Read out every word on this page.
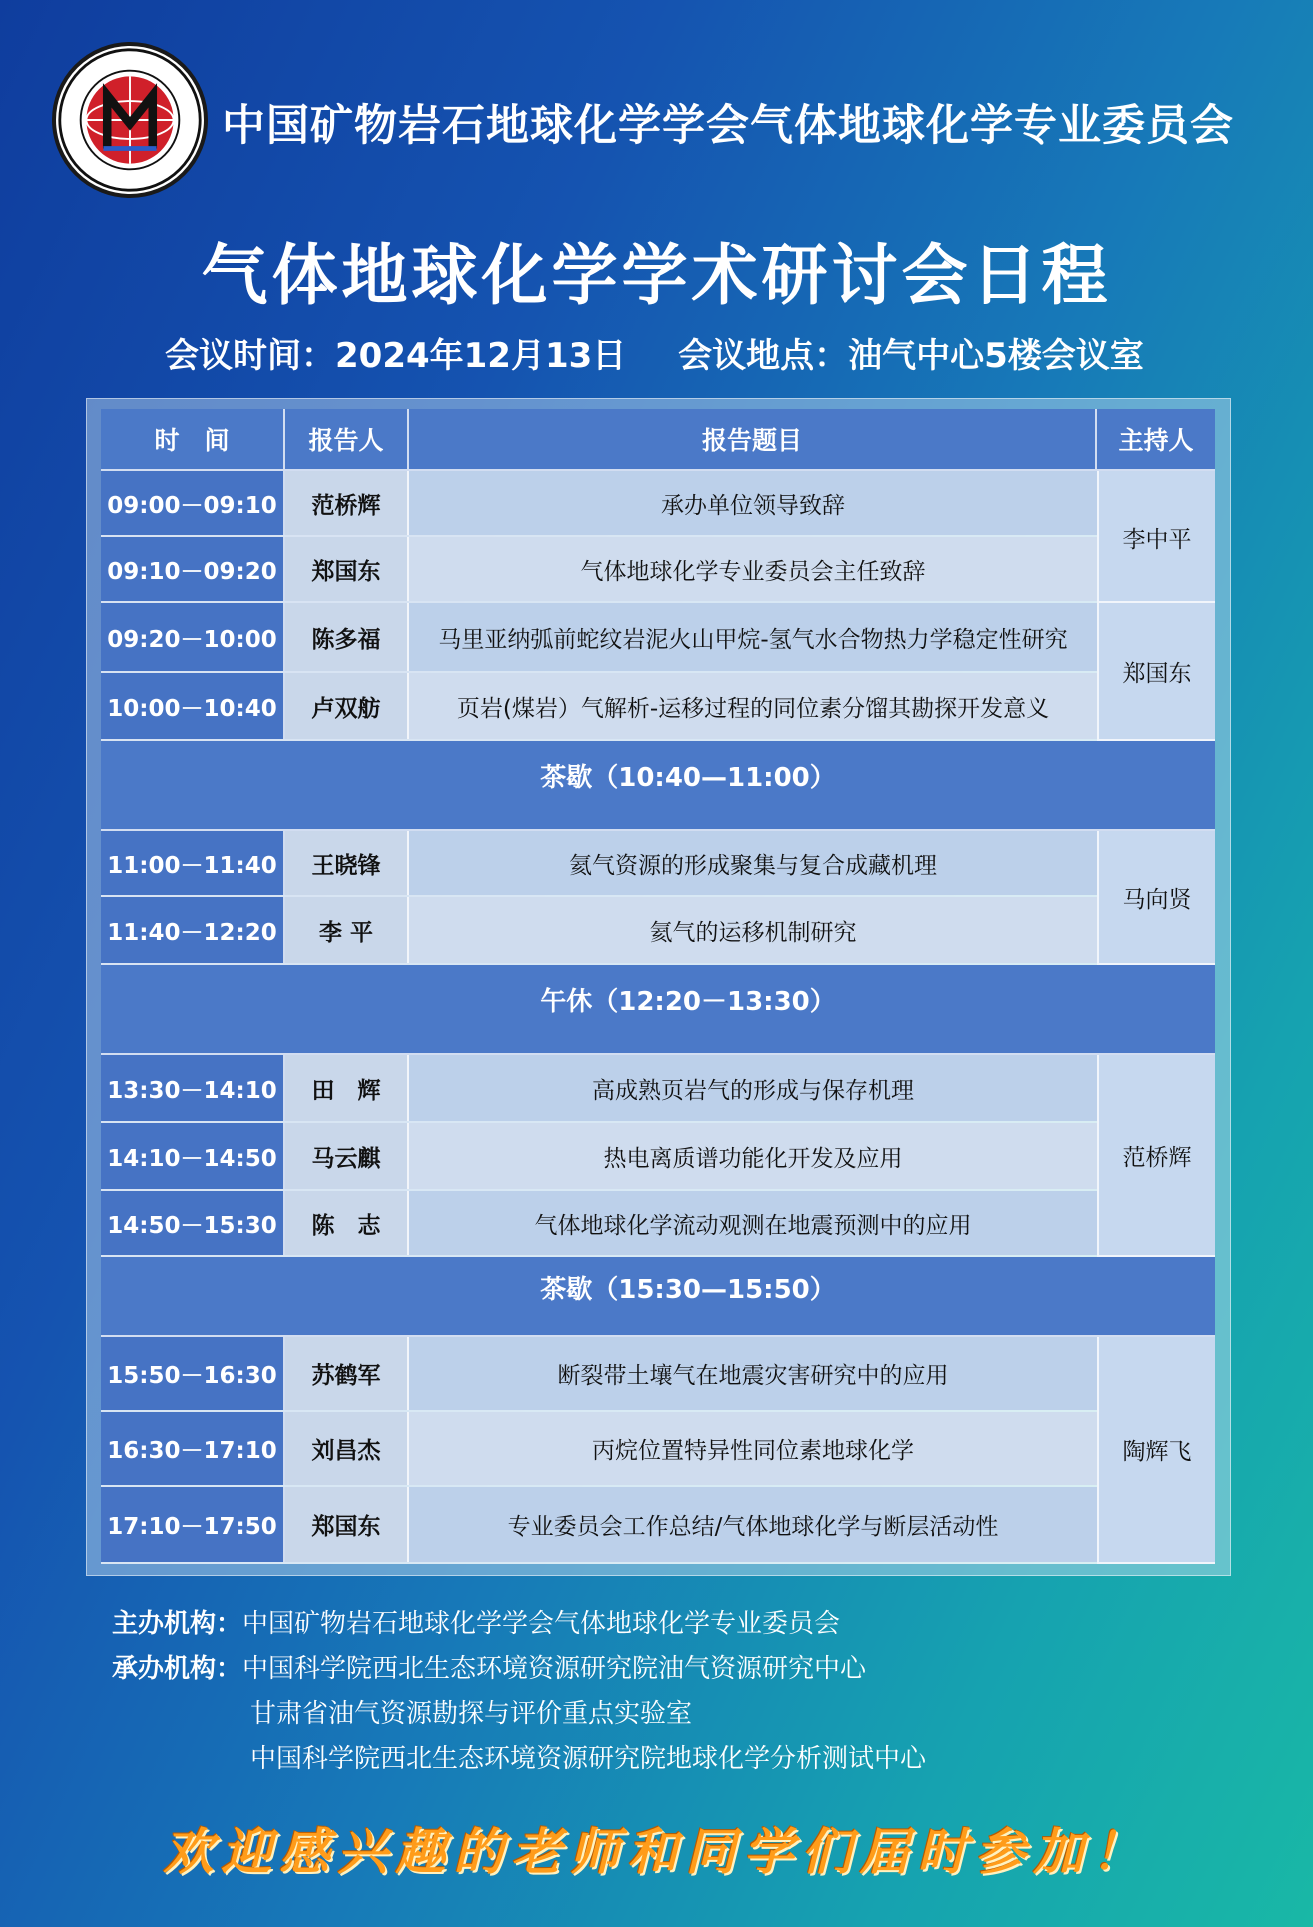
中国矿物岩石地球化学学会气体地球化学专业委员会
气体地球化学学术研讨会日程
会议时间：2024年12月13日 会议地点：油气中心5楼会议室
时　间	报告人	报告题目	主持人
09:00－09:10	范桥辉	承办单位领导致辞
09:10－09:20	郑国东	气体地球化学专业委员会主任致辞
李中平
09:20－10:00	陈多福	马里亚纳弧前蛇纹岩泥火山甲烷-氢气水合物热力学稳定性研究
10:00－10:40	卢双舫	页岩(煤岩）气解析-运移过程的同位素分馏其勘探开发意义
郑国东
茶歇（10:40—11:00）
11:00－11:40	王晓锋	氦气资源的形成聚集与复合成藏机理
11:40－12:20	李 平	氦气的运移机制研究
马向贤
午休（12:20－13:30）
13:30－14:10	田　辉	高成熟页岩气的形成与保存机理
14:10－14:50	马云麒	热电离质谱功能化开发及应用
14:50－15:30	陈　志	气体地球化学流动观测在地震预测中的应用
范桥辉
茶歇（15:30—15:50）
15:50－16:30	苏鹤军	断裂带土壤气在地震灾害研究中的应用
16:30－17:10	刘昌杰	丙烷位置特异性同位素地球化学
17:10－17:50	郑国东	专业委员会工作总结/气体地球化学与断层活动性
陶辉飞
主办机构：中国矿物岩石地球化学学会气体地球化学专业委员会
承办机构：中国科学院西北生态环境资源研究院油气资源研究中心
甘肃省油气资源勘探与评价重点实验室
中国科学院西北生态环境资源研究院地球化学分析测试中心
欢迎感兴趣的老师和同学们届时参加！
